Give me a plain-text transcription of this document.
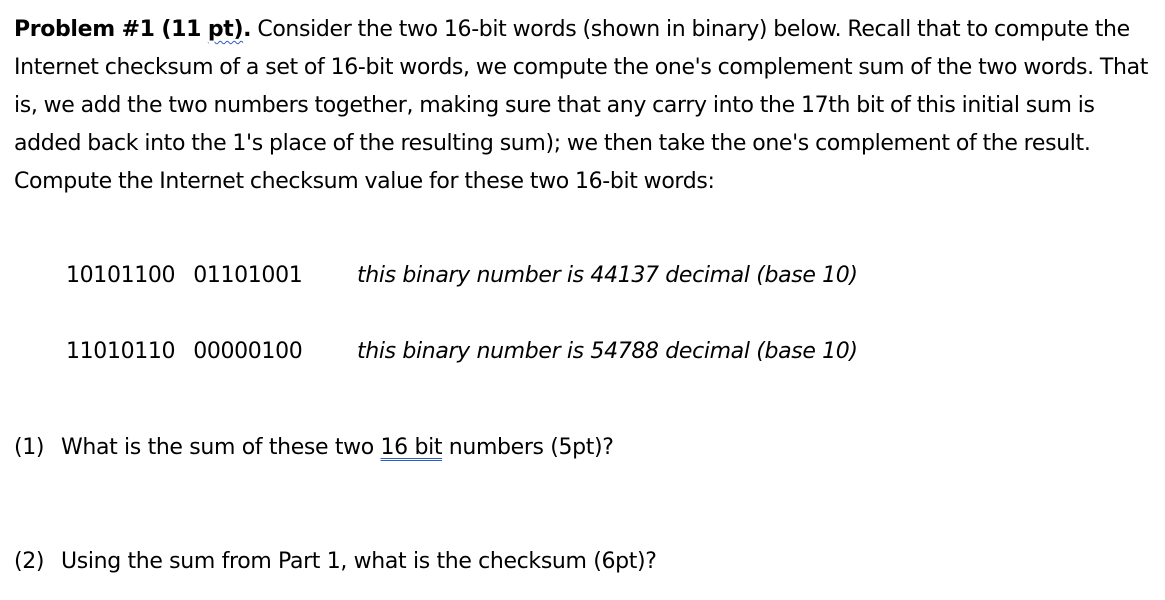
Problem #1 (11 pt). Consider the two 16-bit words (shown in binary) below. Recall that to compute the Internet checksum of a set of 16-bit words, we compute the one's complement sum of the two words. That is, we add the two numbers together, making sure that any carry into the 17th bit of this initial sum is added back into the 1's place of the resulting sum); we then take the one's complement of the result. Compute the Internet checksum value for these two 16-bit words:

10101100 01101001 this binary number is 44137 decimal (base 10)
11010110 00000100 this binary number is 54788 decimal (base 10)
(1) What is the sum of these two 16 bit numbers (5pt)?
(2) Using the sum from Part 1, what is the checksum (6pt)?
